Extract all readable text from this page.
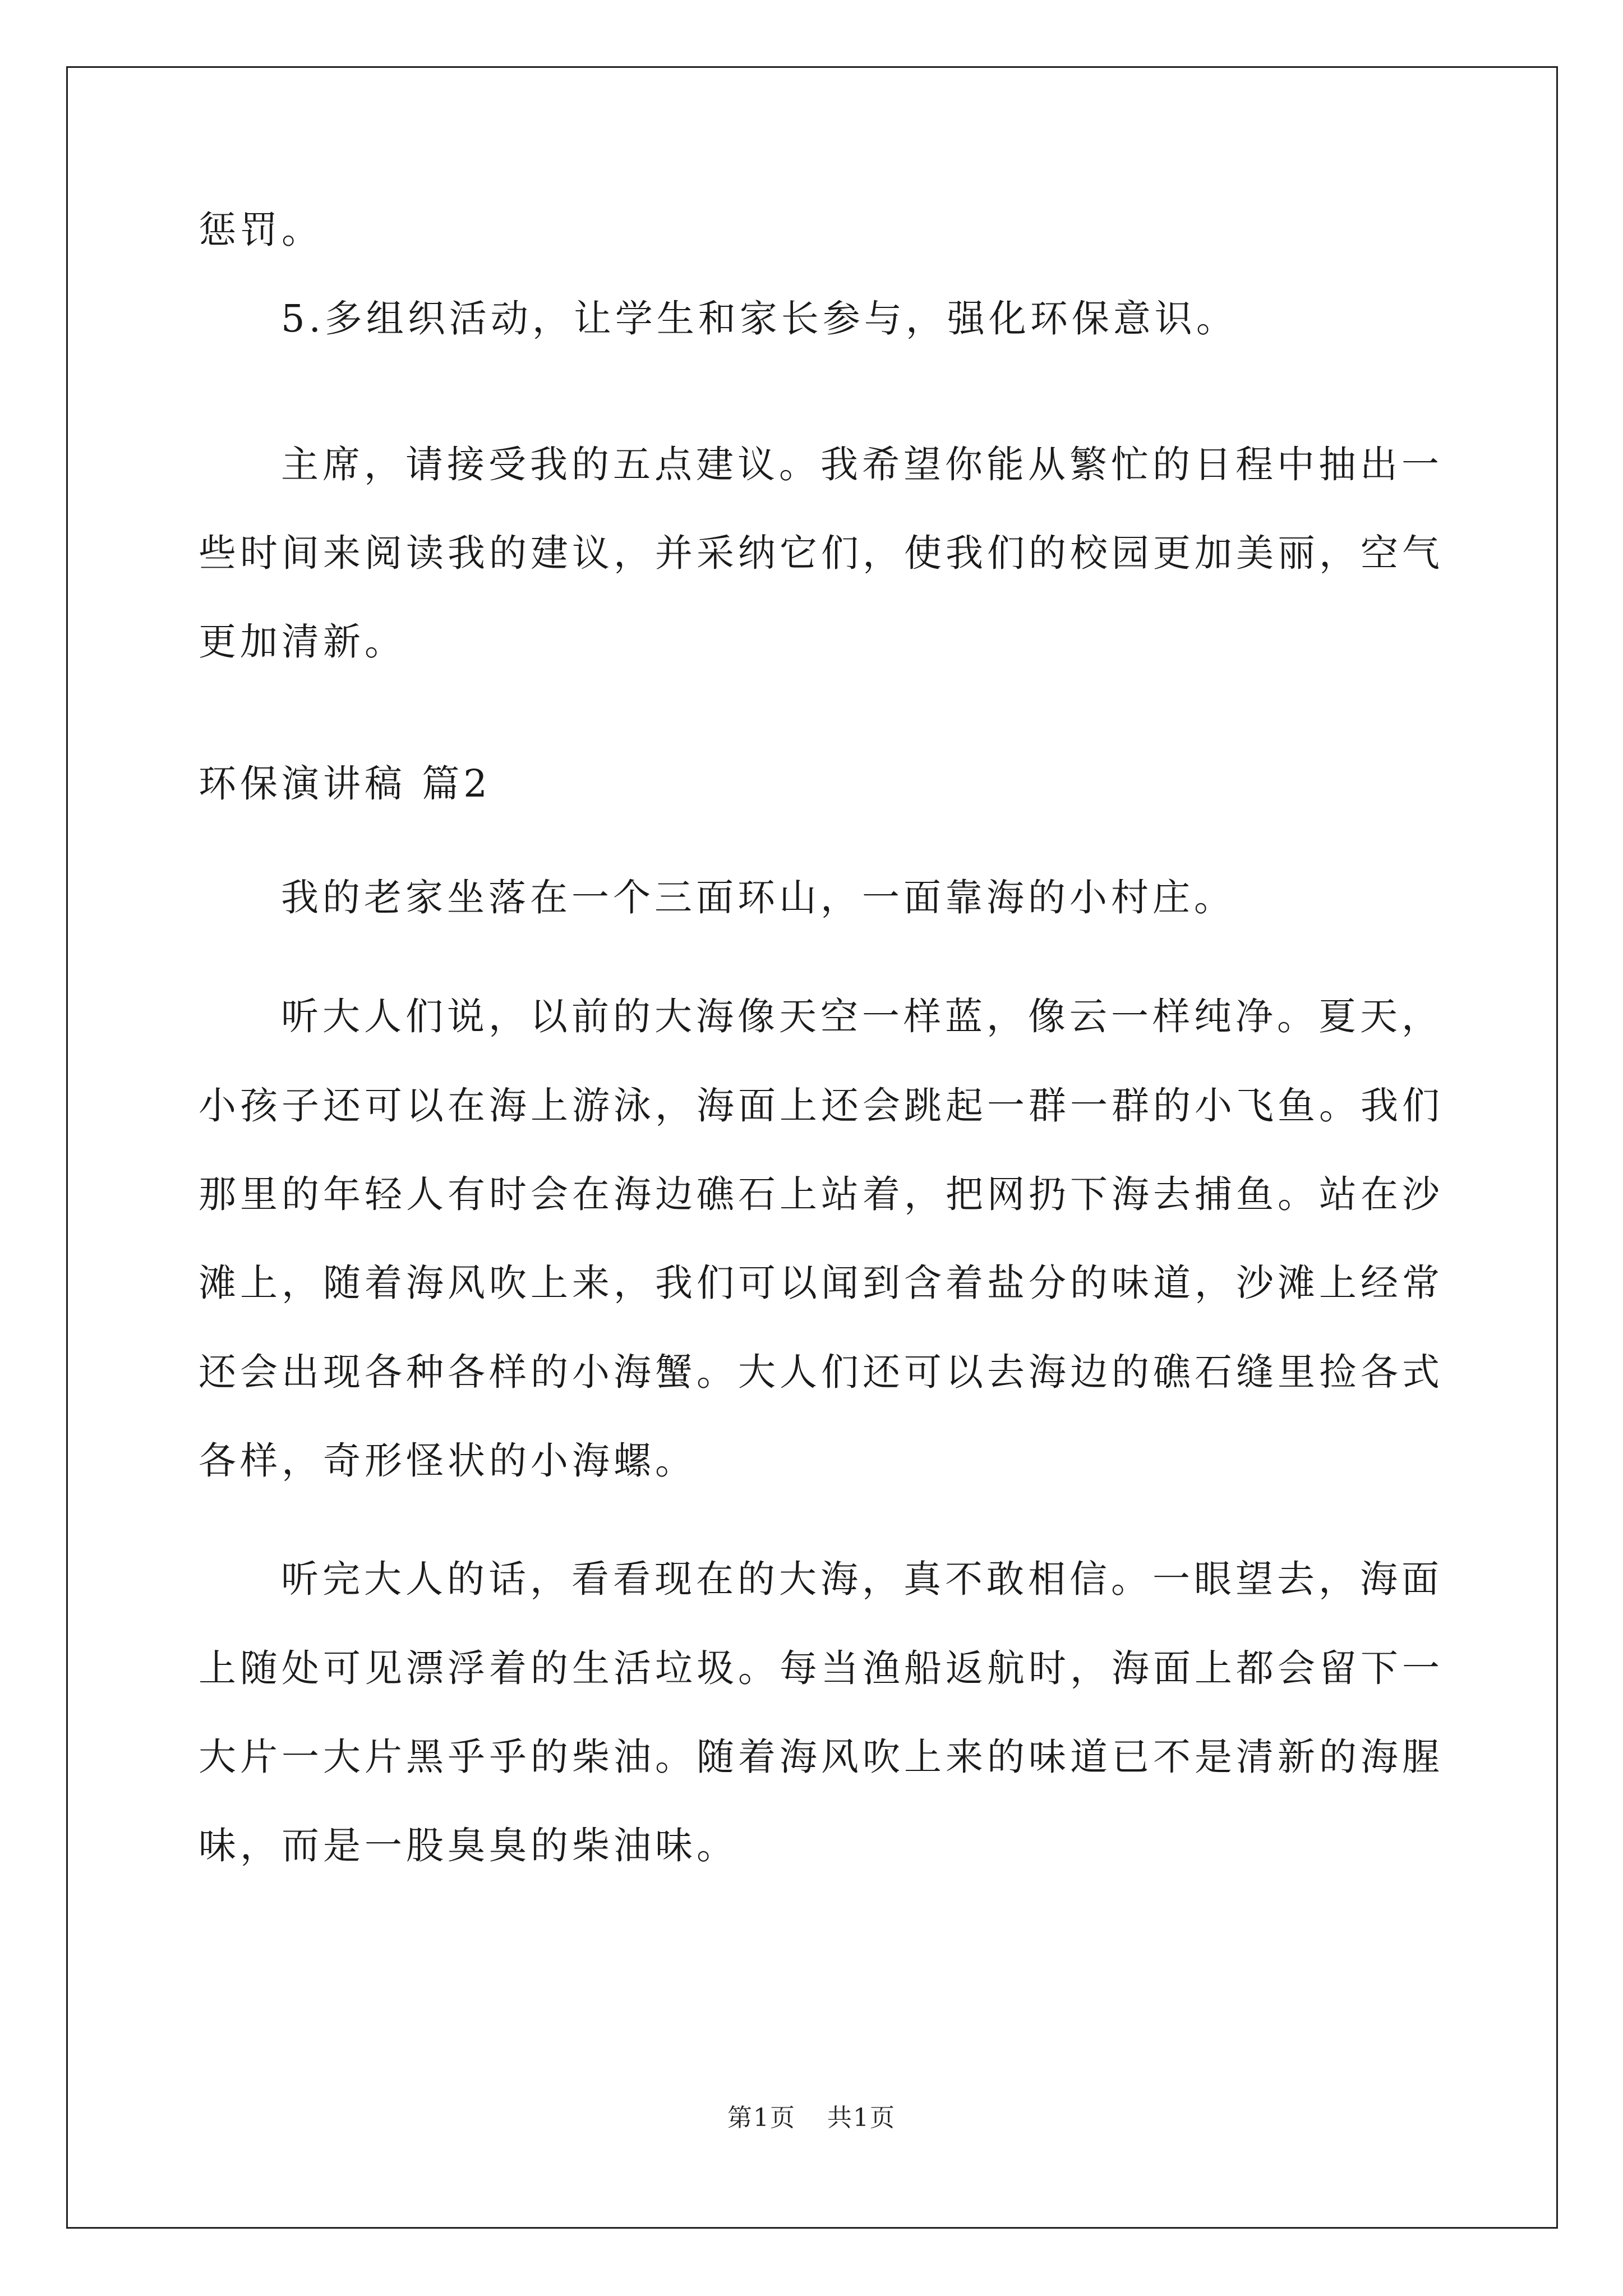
惩罚。
5.多组织活动，让学生和家长参与，强化环保意识。
主席，请接受我的五点建议。我希望你能从繁忙的日程中抽出一
些时间来阅读我的建议，并采纳它们，使我们的校园更加美丽，空气
更加清新。
环保演讲稿 篇2
我的老家坐落在一个三面环山，一面靠海的小村庄。
听大人们说，以前的大海像天空一样蓝，像云一样纯净。夏天，
小孩子还可以在海上游泳，海面上还会跳起一群一群的小飞鱼。我们
那里的年轻人有时会在海边礁石上站着，把网扔下海去捕鱼。站在沙
滩上，随着海风吹上来，我们可以闻到含着盐分的味道，沙滩上经常
还会出现各种各样的小海蟹。大人们还可以去海边的礁石缝里捡各式
各样，奇形怪状的小海螺。
听完大人的话，看看现在的大海，真不敢相信。一眼望去，海面
上随处可见漂浮着的生活垃圾。每当渔船返航时，海面上都会留下一
大片一大片黑乎乎的柴油。随着海风吹上来的味道已不是清新的海腥
味，而是一股臭臭的柴油味。
第1页 共1页
